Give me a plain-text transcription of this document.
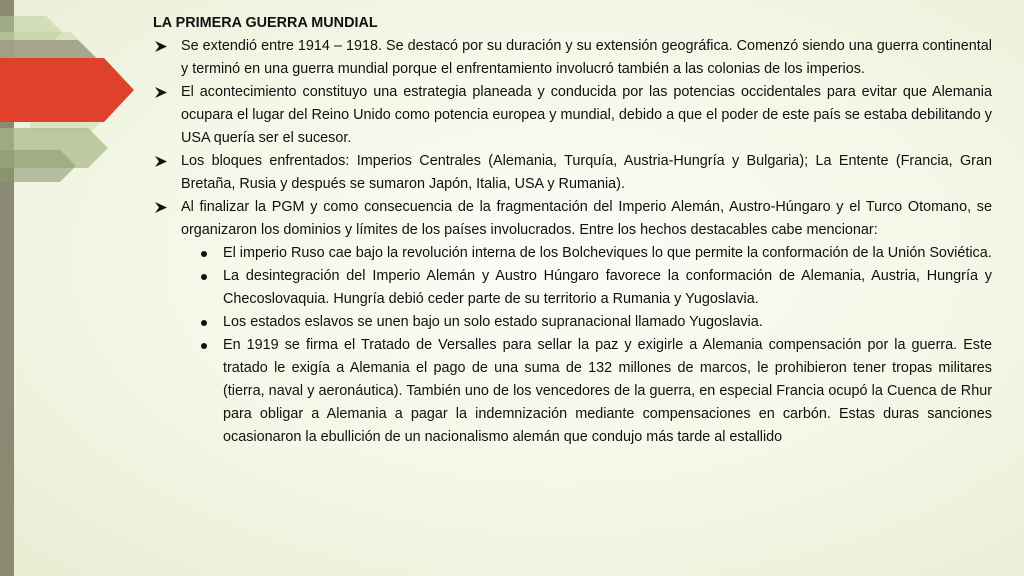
LA PRIMERA GUERRA MUNDIAL

Se extendió entre 1914 – 1918. Se destacó por su duración y su extensión geográfica. Comenzó siendo una guerra continental y terminó en una guerra mundial porque el enfrentamiento involucró también a las colonias de los imperios.
El acontecimiento constituyo una estrategia planeada y conducida por las potencias occidentales para evitar que Alemania ocupara el lugar del Reino Unido como potencia europea y mundial, debido a que el poder de este país se estaba debilitando y USA quería ser el sucesor.
Los bloques enfrentados: Imperios Centrales (Alemania, Turquía, Austria-Hungría y Bulgaria); La Entente (Francia, Gran Bretaña, Rusia y después se sumaron Japón, Italia, USA y Rumania).
Al finalizar la PGM y como consecuencia de la fragmentación del Imperio Alemán, Austro-Húngaro y el Turco Otomano, se organizaron los dominios y límites de los países involucrados. Entre los hechos destacables cabe mencionar:
El imperio Ruso cae bajo la revolución interna de los Bolcheviques lo que permite la conformación de la Unión Soviética.
La desintegración del Imperio Alemán y Austro Húngaro favorece la conformación de Alemania, Austria, Hungría y Checoslovaquia. Hungría debió ceder parte de su territorio a Rumania y Yugoslavia.
Los estados eslavos se unen bajo un solo estado supranacional llamado Yugoslavia.
En 1919 se firma el Tratado de Versalles para sellar la paz y exigirle a Alemania compensación por la guerra. Este tratado le exigía a Alemania el pago de una suma de 132 millones de marcos, le prohibieron tener tropas militares (tierra, naval y aeronáutica). También uno de los vencedores de la guerra, en especial Francia ocupó la Cuenca de Rhur para obligar a Alemania a pagar la indemnización mediante compensaciones en carbón. Estas duras sanciones ocasionaron la ebullición de un nacionalismo alemán que condujo más tarde al estallido
